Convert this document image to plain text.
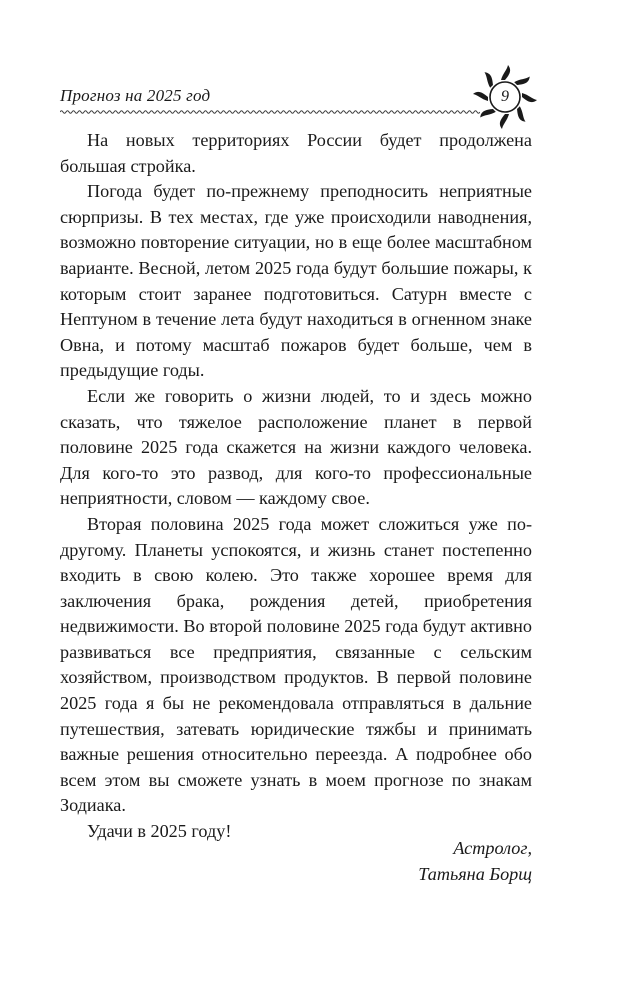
Прогноз на 2025 год	9

На новых территориях России будет продолжена большая стройка.

Погода будет по-прежнему преподносить неприятные сюрпризы. В тех местах, где уже происходили наводнения, возможно повторение ситуации, но в еще более масштабном варианте. Весной, летом 2025 года будут большие пожары, к которым стоит заранее подготовиться. Сатурн вместе с Нептуном в течение лета будут находиться в огненном знаке Овна, и потому масштаб пожаров будет больше, чем в предыдущие годы.

Если же говорить о жизни людей, то и здесь можно сказать, что тяжелое расположение планет в первой половине 2025 года скажется на жизни каждого человека. Для кого-то это развод, для кого-то профессиональные неприятности, словом — каждому свое.

Вторая половина 2025 года может сложиться уже по-другому. Планеты успокоятся, и жизнь станет постепенно входить в свою колею. Это также хорошее время для заключения брака, рождения детей, приобретения недвижимости. Во второй половине 2025 года будут активно развиваться все предприятия, связанные с сельским хозяйством, производством продуктов. В первой половине 2025 года я бы не рекомендовала отправляться в дальние путешествия, затевать юридические тяжбы и принимать важные решения относительно переезда. А подробнее обо всем этом вы сможете узнать в моем прогнозе по знакам Зодиака.

Удачи в 2025 году!

Астролог,
Татьяна Борщ
